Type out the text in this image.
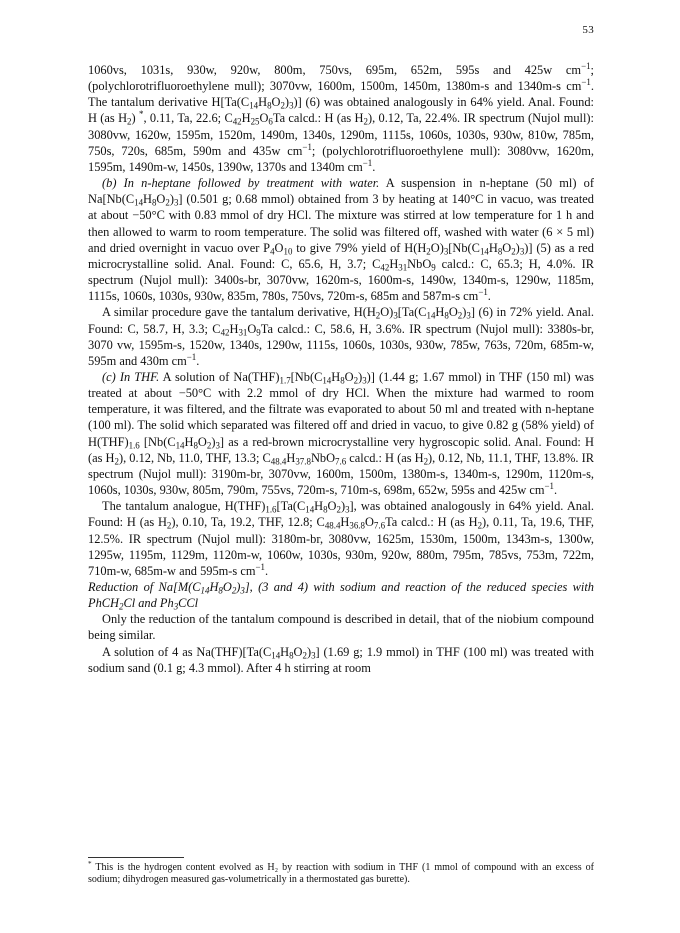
53

1060vs, 1031s, 930w, 920w, 800m, 750vs, 695m, 652m, 595s and 425w $cm^{-1}$; (polychlorotrifluoroethylene mull); 3070vw, 1600m, 1500m, 1450m, 1380m-s and 1340m-s $cm^{-1}$. The tantalum derivative $H[Ta(C_{14}H_8O_2)_3)$] (6) was obtained analogously in 64% yield. Anal. Found: H (as $H_2$) *, 0.11, Ta, 22.6; $C_{42}H_{25}O_6Ta$ calcd.: H (as $H_2$), 0.12, Ta, 22.4%. IR spectrum (Nujol mull): 3080vw, 1620w, 1595m, 1520m, 1490m, 1340s, 1290m, 1115s, 1060s, 1030s, 930w, 810w, 785m, 750s, 720s, 685m, 590m and 435w $cm^{-1}$; (polychlorotrifluoroethylene mull): 3080vw, 1620m, 1595m, 1490m-w, 1450s, 1390w, 1370s and 1340m $cm^{-1}$.

(b) In n-heptane followed by treatment with water. A suspension in n-heptane (50 ml) of $Na[Nb(C_{14}H_8O_2)_3]$ (0.501 g; 0.68 mmol) obtained from 3 by heating at 140°C in vacuo, was treated at about −50°C with 0.83 mmol of dry HCl. The mixture was stirred at low temperature for 1 h and then allowed to warm to room temperature. The solid was filtered off, washed with water (6 × 5 ml) and dried overnight in vacuo over $P_4O_{10}$ to give 79% yield of $H(H_2O)_3[Nb(C_{14}H_8O_2)_3)$] (5) as a red microcrystalline solid. Anal. Found: C, 65.6, H, 3.7; $C_{42}H_{31}NbO_9$ calcd.: C, 65.3; H, 4.0%. IR spectrum (Nujol mull): 3400s-br, 3070vw, 1620m-s, 1600m-s, 1490w, 1340m-s, 1290w, 1185m, 1115s, 1060s, 1030s, 930w, 835m, 780s, 750vs, 720m-s, 685m and 587m-s $cm^{-1}$.

A similar procedure gave the tantalum derivative, $H(H_2O)_3[Ta(C_{14}H_8O_2)_3]$ (6) in 72% yield. Anal. Found: C, 58.7, H, 3.3; $C_{42}H_{31}O_9Ta$ calcd.: C, 58.6, H, 3.6%. IR spectrum (Nujol mull): 3380s-br, 3070 vw, 1595m-s, 1520w, 1340s, 1290w, 1115s, 1060s, 1030s, 930w, 785w, 763s, 720m, 685m-w, 595m and 430m $cm^{-1}$.

(c) In THF. A solution of $Na(THF)_{1.7}[Nb(C_{14}H_8O_2)_3)$] (1.44 g; 1.67 mmol) in THF (150 ml) was treated at about −50°C with 2.2 mmol of dry HCl. When the mixture had warmed to room temperature, it was filtered, and the filtrate was evaporated to about 50 ml and treated with n-heptane (100 ml). The solid which separated was filtered off and dried in vacuo, to give 0.82 g (58% yield) of $H(THF)_{1.6}$ $[Nb(C_{14}H_8O_2)_3]$ as a red-brown microcrystalline very hygroscopic solid. Anal. Found: H (as $H_2$), 0.12, Nb, 11.0, THF, 13.3; $C_{48.4}H_{37.8}NbO_{7.6}$ calcd.: H (as $H_2$), 0.12, Nb, 11.1, THF, 13.8%. IR spectrum (Nujol mull): 3190m-br, 3070vw, 1600m, 1500m, 1380m-s, 1340m-s, 1290m, 1120m-s, 1060s, 1030s, 930w, 805m, 790m, 755vs, 720m-s, 710m-s, 698m, 652w, 595s and 425w $cm^{-1}$.

The tantalum analogue, $H(THF)_{1.6}[Ta(C_{14}H_8O_2)_3]$, was obtained analogously in 64% yield. Anal. Found: H (as $H_2$), 0.10, Ta, 19.2, THF, 12.8; $C_{48.4}H_{36.8}O_{7.6}Ta$ calcd.: H (as $H_2$), 0.11, Ta, 19.6, THF, 12.5%. IR spectrum (Nujol mull): 3180m-br, 3080vw, 1625m, 1530m, 1500m, 1343m-s, 1300w, 1295w, 1195m, 1129m, 1120m-w, 1060w, 1030s, 930m, 920w, 880m, 795m, 785vs, 753m, 722m, 710m-w, 685m-w and 595m-s $cm^{-1}$.

Reduction of $Na[M(C_{14}H_8O_2)_3]$, (3 and 4) with sodium and reaction of the reduced species with PhCH$_2$Cl and $Ph_3CCl$

Only the reduction of the tantalum compound is described in detail, that of the niobium compound being similar.

A solution of 4 as $Na(THF)[Ta(C_{14}H_8O_2)_3]$ (1.69 g; 1.9 mmol) in THF (100 ml) was treated with sodium sand (0.1 g; 4.3 mmol). After 4 h stirring at room

* This is the hydrogen content evolved as H₂ by reaction with sodium in THF (1 mmol of compound with an excess of sodium; dihydrogen measured gas-volumetrically in a thermostated gas burette).
